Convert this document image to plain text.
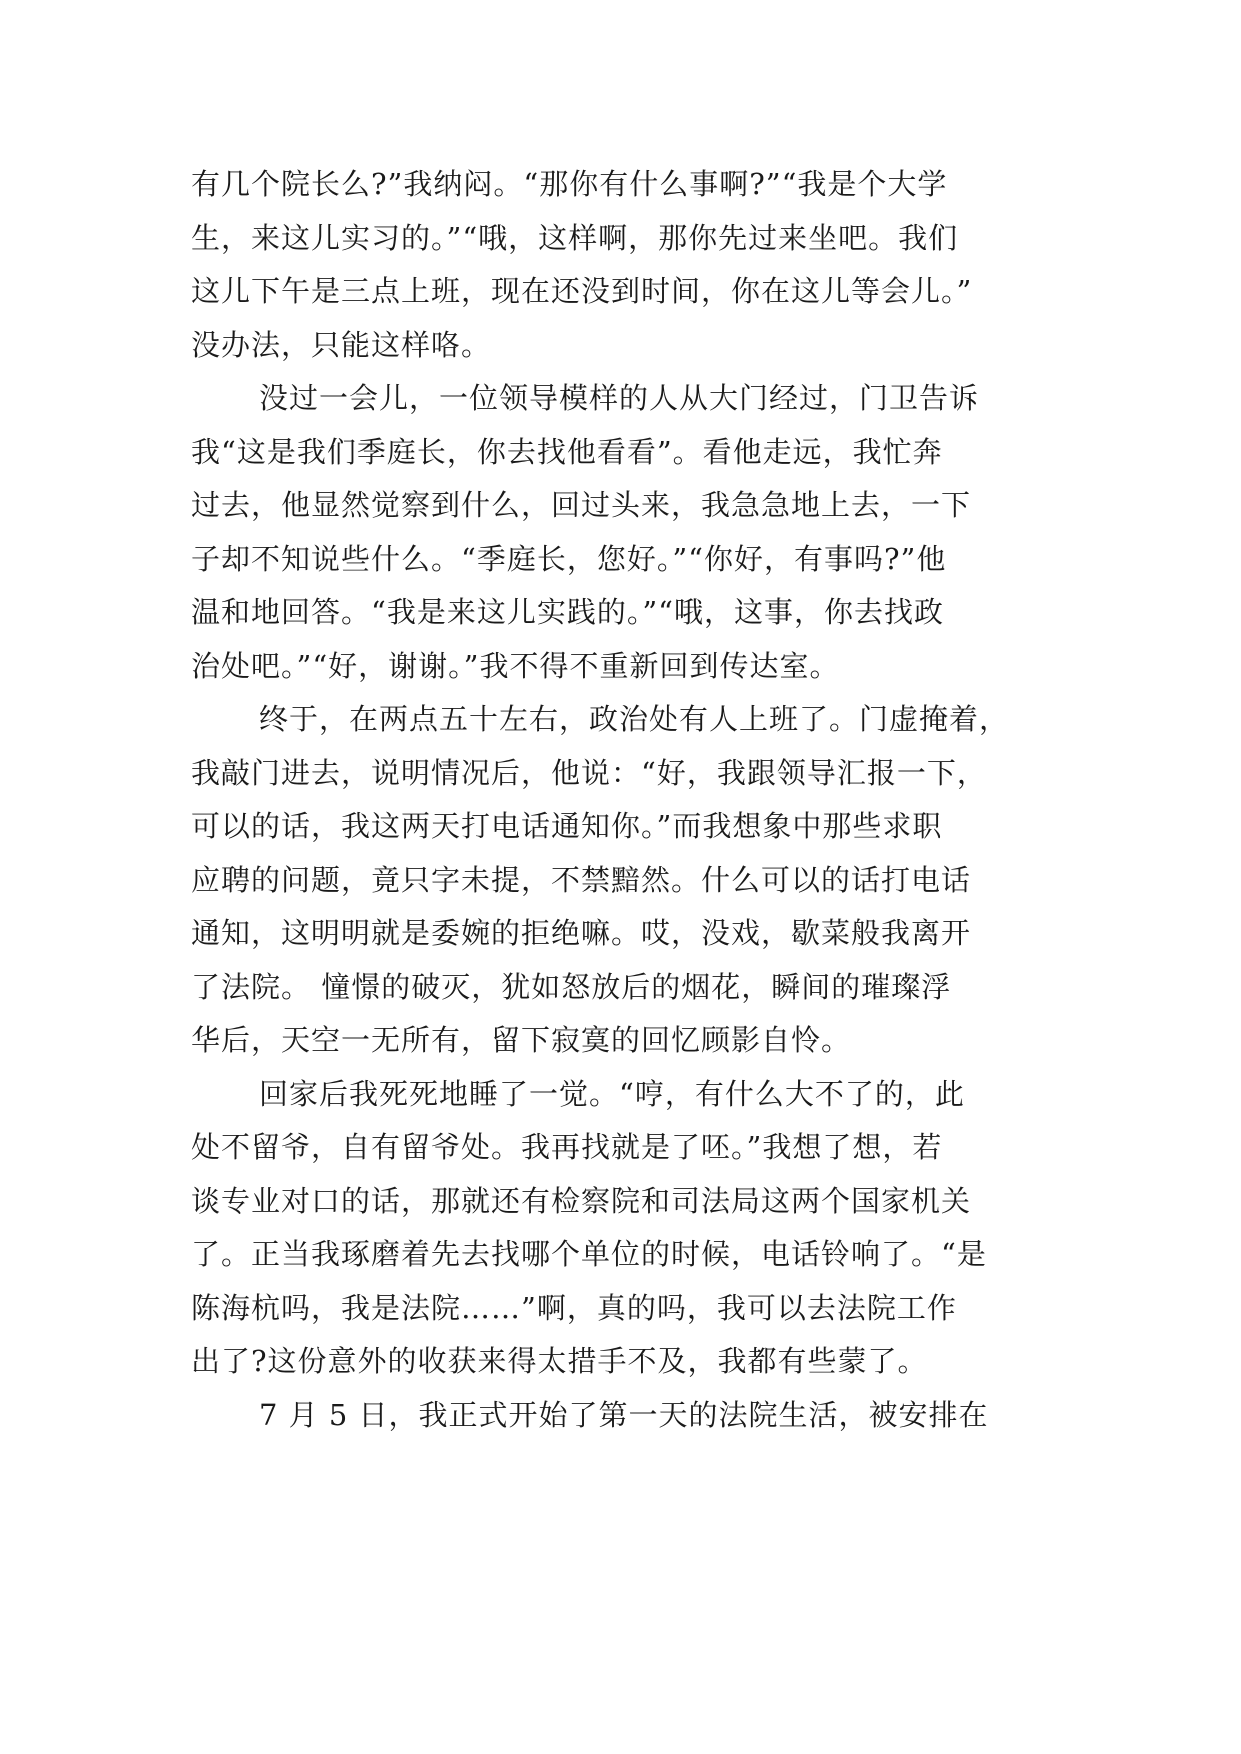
有几个院长么?”我纳闷。“那你有什么事啊?”“我是个大学
生，来这儿实习的。”“哦，这样啊，那你先过来坐吧。我们
这儿下午是三点上班，现在还没到时间，你在这儿等会儿。”
没办法，只能这样咯。
没过一会儿，一位领导模样的人从大门经过，门卫告诉
我“这是我们季庭长，你去找他看看”。看他走远，我忙奔
过去，他显然觉察到什么，回过头来，我急急地上去，一下
子却不知说些什么。“季庭长，您好。”“你好，有事吗?”他
温和地回答。“我是来这儿实践的。”“哦，这事，你去找政
治处吧。”“好，谢谢。”我不得不重新回到传达室。
终于，在两点五十左右，政治处有人上班了。门虚掩着，
我敲门进去，说明情况后，他说：“好，我跟领导汇报一下，
可以的话，我这两天打电话通知你。”而我想象中那些求职
应聘的问题，竟只字未提，不禁黯然。什么可以的话打电话
通知，这明明就是委婉的拒绝嘛。哎，没戏，歇菜般我离开
了法院。 憧憬的破灭，犹如怒放后的烟花，瞬间的璀璨浮
华后，天空一无所有，留下寂寞的回忆顾影自怜。
回家后我死死地睡了一觉。“哼，有什么大不了的，此
处不留爷，自有留爷处。我再找就是了呸。”我想了想，若
谈专业对口的话，那就还有检察院和司法局这两个国家机关
了。正当我琢磨着先去找哪个单位的时候，电话铃响了。“是
陈海杭吗，我是法院……”啊，真的吗，我可以去法院工作
出了?这份意外的收获来得太措手不及，我都有些蒙了。
7 月 5 日，我正式开始了第一天的法院生活，被安排在
